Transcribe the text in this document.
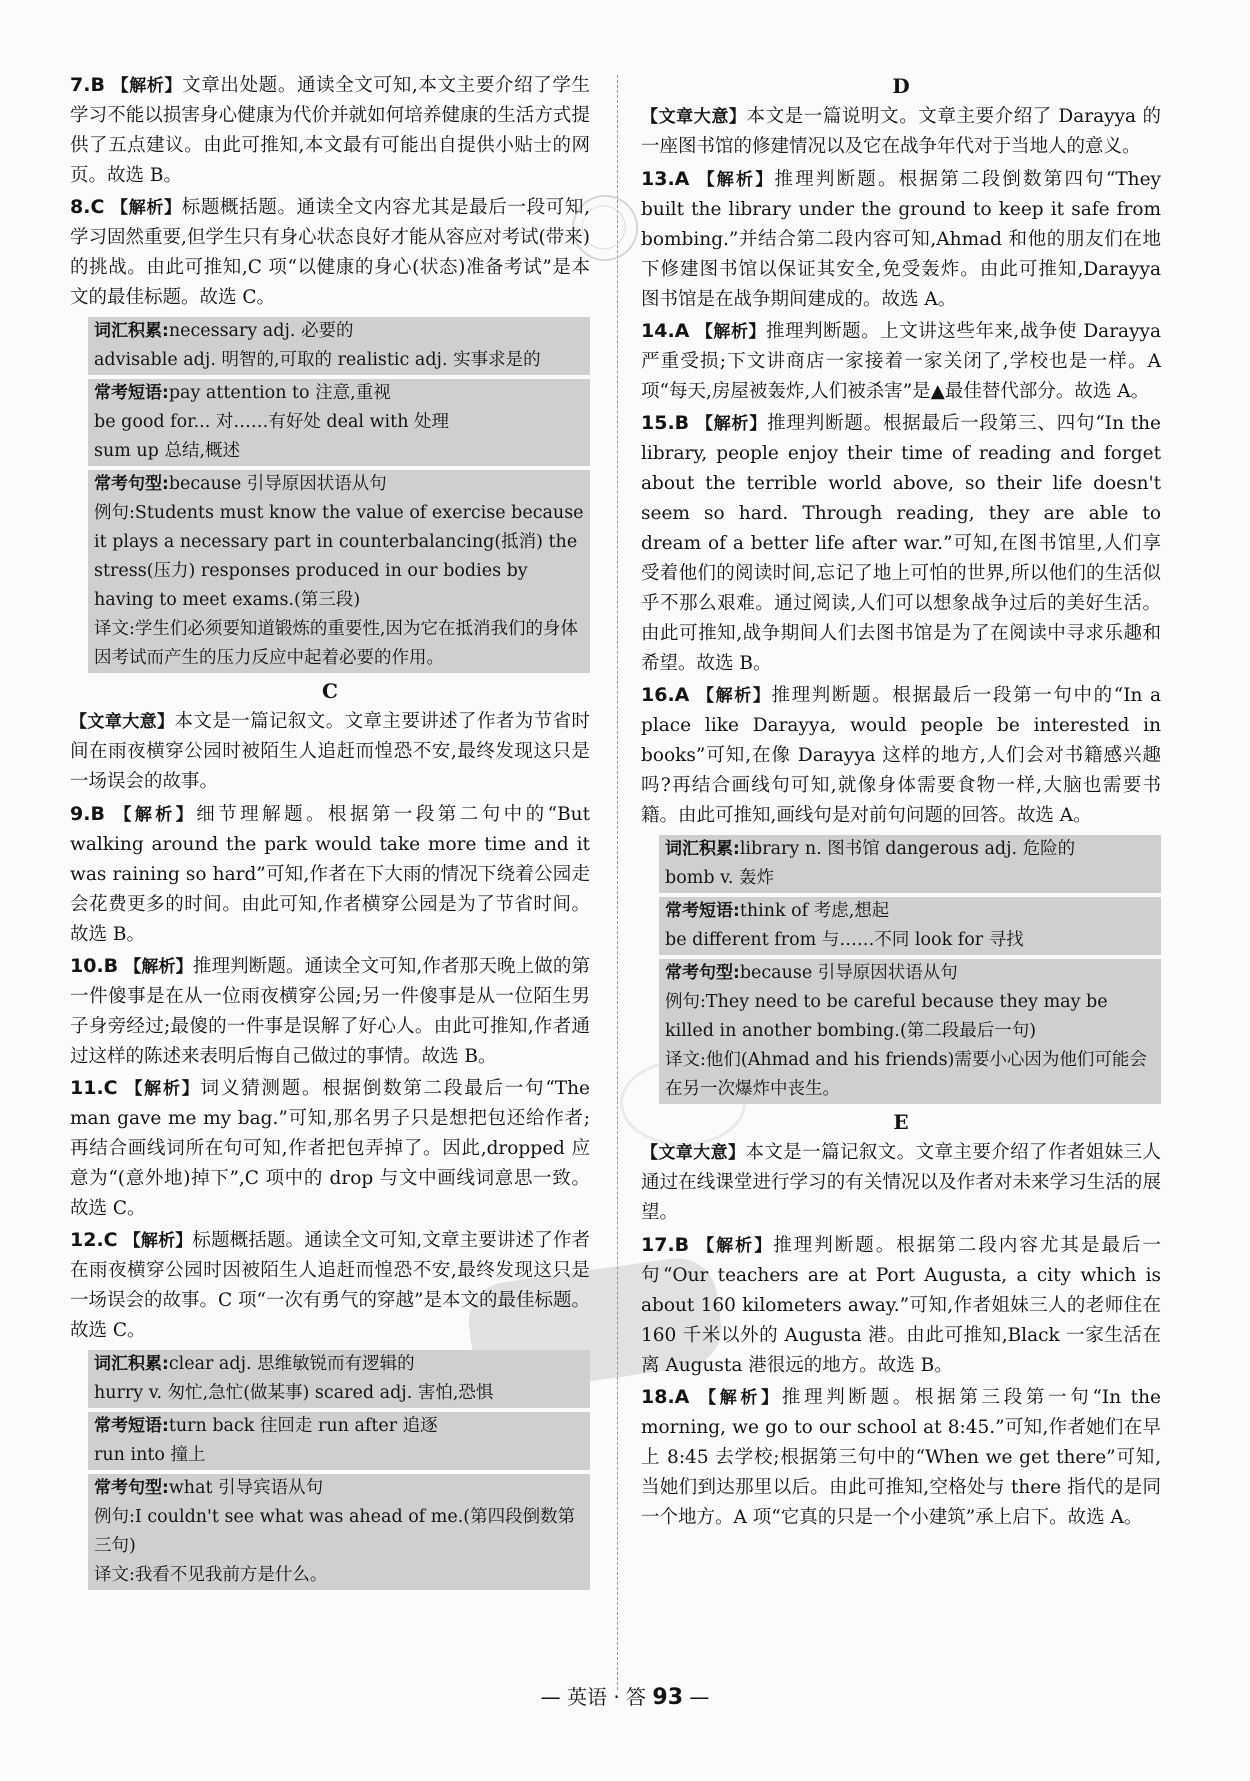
7.B 【解析】文章出处题。通读全文可知,本文主要介绍了学生学习不能以损害身心健康为代价并就如何培养健康的生活方式提供了五点建议。由此可推知,本文最有可能出自提供小贴士的网页。故选 B。
8.C 【解析】标题概括题。通读全文内容尤其是最后一段可知,学习固然重要,但学生只有身心状态良好才能从容应对考试(带来)的挑战。由此可推知,C 项“以健康的身心(状态)准备考试”是本文的最佳标题。故选 C。
词汇积累:necessary adj. 必要的
advisable adj. 明智的,可取的 realistic adj. 实事求是的
常考短语:pay attention to 注意,重视
be good for... 对……有好处 deal with 处理
sum up 总结,概述
常考句型:because 引导原因状语从句
例句:Students must know the value of exercise because it plays a necessary part in counterbalancing(抵消) the stress(压力) responses produced in our bodies by having to meet exams.(第三段)
译文:学生们必须要知道锻炼的重要性,因为它在抵消我们的身体因考试而产生的压力反应中起着必要的作用。
C
【文章大意】本文是一篇记叙文。文章主要讲述了作者为节省时间在雨夜横穿公园时被陌生人追赶而惶恐不安,最终发现这只是一场误会的故事。
9.B 【解析】细节理解题。根据第一段第二句中的“But walking around the park would take more time and it was raining so hard”可知,作者在下大雨的情况下绕着公园走会花费更多的时间。由此可知,作者横穿公园是为了节省时间。故选 B。
10.B 【解析】推理判断题。通读全文可知,作者那天晚上做的第一件傻事是在从一位雨夜横穿公园;另一件傻事是从一位陌生男子身旁经过;最傻的一件事是误解了好心人。由此可推知,作者通过这样的陈述来表明后悔自己做过的事情。故选 B。
11.C 【解析】词义猜测题。根据倒数第二段最后一句“The man gave me my bag.”可知,那名男子只是想把包还给作者;再结合画线词所在句可知,作者把包弄掉了。因此,dropped 应意为“(意外地)掉下”,C 项中的 drop 与文中画线词意思一致。故选 C。
12.C 【解析】标题概括题。通读全文可知,文章主要讲述了作者在雨夜横穿公园时因被陌生人追赶而惶恐不安,最终发现这只是一场误会的故事。C 项“一次有勇气的穿越”是本文的最佳标题。故选 C。
词汇积累:clear adj. 思维敏锐而有逻辑的
hurry v. 匆忙,急忙(做某事) scared adj. 害怕,恐惧
常考短语:turn back 往回走 run after 追逐
run into 撞上
常考句型:what 引导宾语从句
例句:I couldn't see what was ahead of me.(第四段倒数第三句)
译文:我看不见我前方是什么。
D
【文章大意】本文是一篇说明文。文章主要介绍了 Darayya 的一座图书馆的修建情况以及它在战争年代对于当地人的意义。
13.A 【解析】推理判断题。根据第二段倒数第四句“They built the library under the ground to keep it safe from bombing.”并结合第二段内容可知,Ahmad 和他的朋友们在地下修建图书馆以保证其安全,免受轰炸。由此可推知,Darayya 图书馆是在战争期间建成的。故选 A。
14.A 【解析】推理判断题。上文讲这些年来,战争使 Darayya 严重受损;下文讲商店一家接着一家关闭了,学校也是一样。A 项“每天,房屋被轰炸,人们被杀害”是▲最佳替代部分。故选 A。
15.B 【解析】推理判断题。根据最后一段第三、四句“In the library, people enjoy their time of reading and forget about the terrible world above, so their life doesn't seem so hard. Through reading, they are able to dream of a better life after war.”可知,在图书馆里,人们享受着他们的阅读时间,忘记了地上可怕的世界,所以他们的生活似乎不那么艰难。通过阅读,人们可以想象战争过后的美好生活。由此可推知,战争期间人们去图书馆是为了在阅读中寻求乐趣和希望。故选 B。
16.A 【解析】推理判断题。根据最后一段第一句中的“In a place like Darayya, would people be interested in books”可知,在像 Darayya 这样的地方,人们会对书籍感兴趣吗?再结合画线句可知,就像身体需要食物一样,大脑也需要书籍。由此可推知,画线句是对前句问题的回答。故选 A。
词汇积累:library n. 图书馆 dangerous adj. 危险的
bomb v. 轰炸
常考短语:think of 考虑,想起
be different from 与……不同 look for 寻找
常考句型:because 引导原因状语从句
例句:They need to be careful because they may be killed in another bombing.(第二段最后一句)
译文:他们(Ahmad and his friends)需要小心因为他们可能会在另一次爆炸中丧生。
E
【文章大意】本文是一篇记叙文。文章主要介绍了作者姐妹三人通过在线课堂进行学习的有关情况以及作者对未来学习生活的展望。
17.B 【解析】推理判断题。根据第二段内容尤其是最后一句“Our teachers are at Port Augusta, a city which is about 160 kilometers away.”可知,作者姐妹三人的老师住在 160 千米以外的 Augusta 港。由此可推知,Black 一家生活在离 Augusta 港很远的地方。故选 B。
18.A 【解析】推理判断题。根据第三段第一句“In the morning, we go to our school at 8:45.”可知,作者她们在早上 8:45 去学校;根据第三句中的“When we get there”可知,当她们到达那里以后。由此可推知,空格处与 there 指代的是同一个地方。A 项“它真的只是一个小建筑”承上启下。故选 A。
— 英语 · 答 93 —
